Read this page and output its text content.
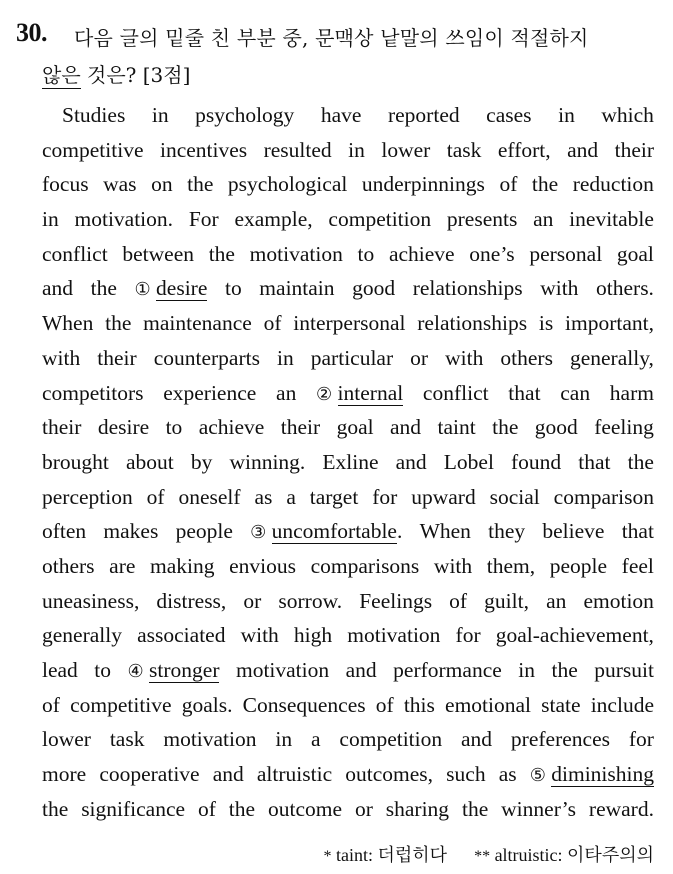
30. 다음 글의 밑줄 친 부분 중, 문맥상 낱말의 쓰임이 적절하지
않은 것은? [3점]
Studies in psychology have reported cases in which
competitive incentives resulted in lower task effort, and their
focus was on the psychological underpinnings of the reduction
in motivation. For example, competition presents an inevitable
conflict between the motivation to achieve one’s personal goal
and the ① desire to maintain good relationships with others.
When the maintenance of interpersonal relationships is important,
with their counterparts in particular or with others generally,
competitors experience an ② internal conflict that can harm
their desire to achieve their goal and taint the good feeling
brought about by winning. Exline and Lobel found that the
perception of oneself as a target for upward social comparison
often makes people ③ uncomfortable. When they believe that
others are making envious comparisons with them, people feel
uneasiness, distress, or sorrow. Feelings of guilt, an emotion
generally associated with high motivation for goal-achievement,
lead to ④ stronger motivation and performance in the pursuit
of competitive goals. Consequences of this emotional state include
lower task motivation in a competition and preferences for
more cooperative and altruistic outcomes, such as ⑤ diminishing
the significance of the outcome or sharing the winner’s reward.
* taint: 더럽히다 ** altruistic: 이타주의의
